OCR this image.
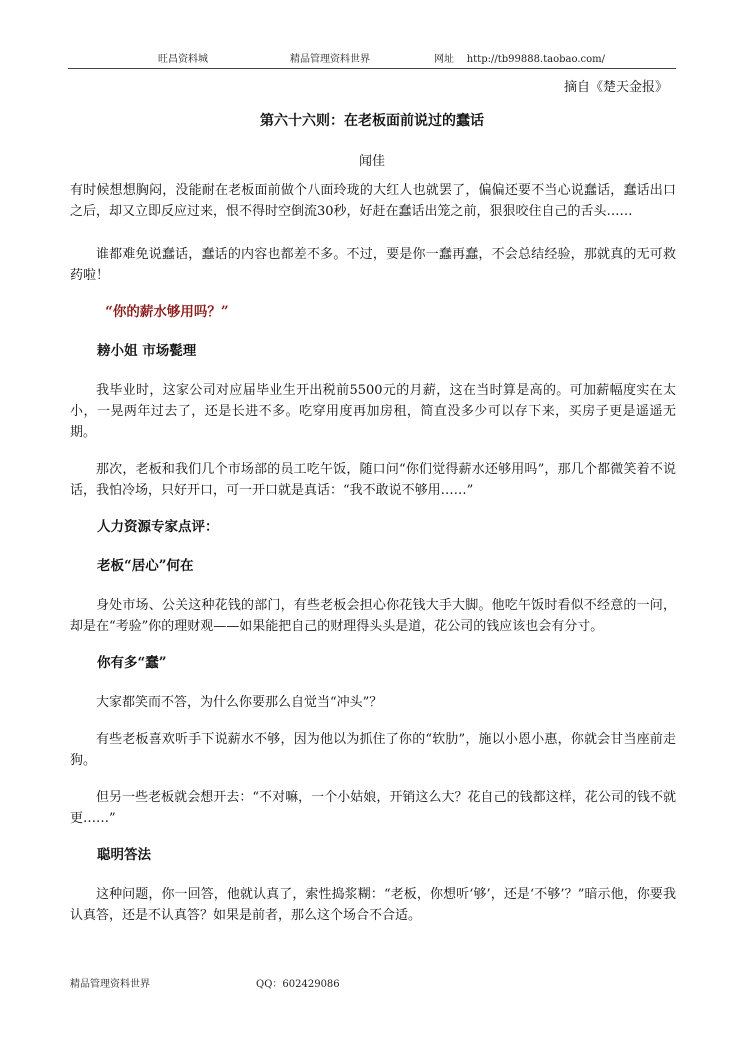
旺昌资料城	精品管理资料世界	网址 http://tb99888.taobao.com/
摘自《楚天金报》
第六十六则：在老板面前说过的蠢话
闻佳

有时候想想胸闷，没能耐在老板面前做个八面玲珑的大红人也就罢了，偏偏还要不当心说蠢话，蠢话出口之后，却又立即反应过来，恨不得时空倒流30秒，好赶在蠢话出笼之前，狠狠咬住自己的舌头……

谁都难免说蠢话，蠢话的内容也都差不多。不过，要是你一蠢再蠢，不会总结经验，那就真的无可救药啦！

“你的薪水够用吗？”
耪小姐 市场甏理

我毕业时，这家公司对应届毕业生开出税前5500元的月薪，这在当时算是高的。可加薪幅度实在太小，一晃两年过去了，还是长进不多。吃穿用度再加房租，简直没多少可以存下来，买房子更是遥遥无期。

那次，老板和我们几个市场部的员工吃午饭，随口问“你们觉得薪水还够用吗”，那几个都微笑着不说话，我怕冷场，只好开口，可一开口就是真话：“我不敢说不够用……”

人力资源专家点评：
老板“居心”何在

身处市场、公关这种花钱的部门，有些老板会担心你花钱大手大脚。他吃午饭时看似不经意的一问，却是在“考验”你的理财观——如果能把自己的财理得头头是道，花公司的钱应该也会有分寸。

你有多“蠢”

大家都笑而不答，为什么你要那么自觉当“冲头”？

有些老板喜欢听手下说薪水不够，因为他以为抓住了你的“软肋”，施以小恩小惠，你就会甘当座前走狗。

但另一些老板就会想开去：“不对嘛，一个小姑娘，开销这么大？花自己的钱都这样，花公司的钱不就更……”

聪明答法

这种问题，你一回答，他就认真了，索性捣浆糊：“老板，你想听‘够’，还是‘不够’？”暗示他，你要我认真答，还是不认真答？如果是前者，那么这个场合不合适。

精品管理资料世界	QQ：602429086
